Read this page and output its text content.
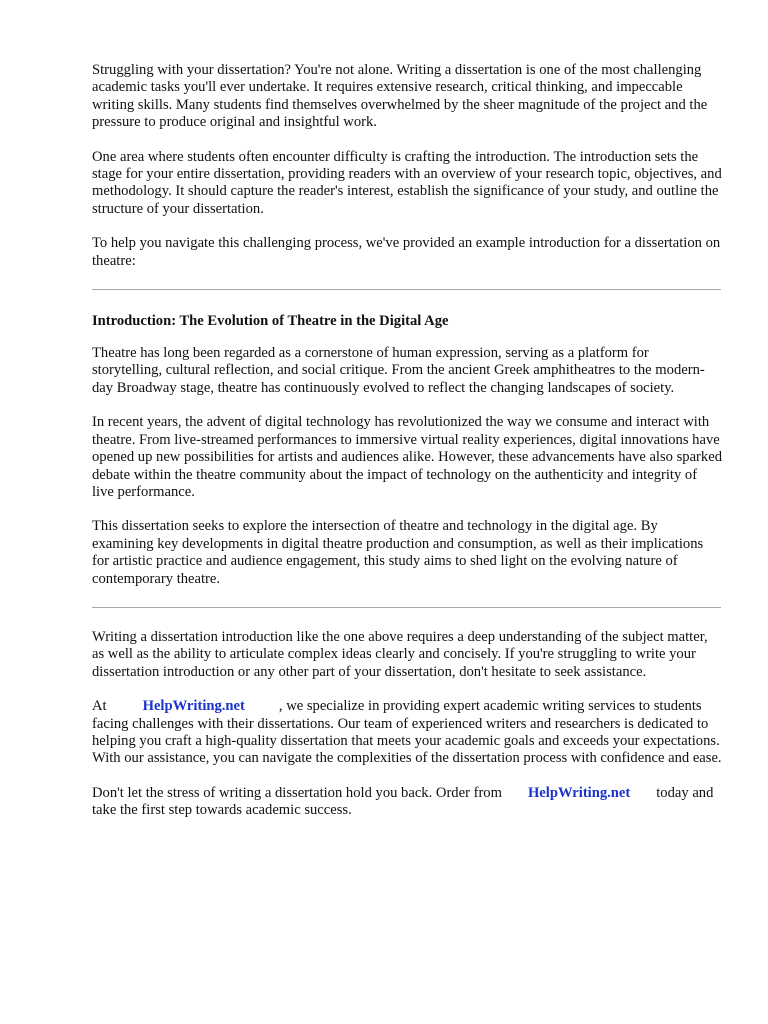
Struggling with your dissertation? You're not alone. Writing a dissertation is one of the most challenging academic tasks you'll ever undertake. It requires extensive research, critical thinking, and impeccable writing skills. Many students find themselves overwhelmed by the sheer magnitude of the project and the pressure to produce original and insightful work.

One area where students often encounter difficulty is crafting the introduction. The introduction sets the stage for your entire dissertation, providing readers with an overview of your research topic, objectives, and methodology. It should capture the reader's interest, establish the significance of your study, and outline the structure of your dissertation.

To help you navigate this challenging process, we've provided an example introduction for a dissertation on theatre:

Introduction: The Evolution of Theatre in the Digital Age

Theatre has long been regarded as a cornerstone of human expression, serving as a platform for storytelling, cultural reflection, and social critique. From the ancient Greek amphitheatres to the modern-day Broadway stage, theatre has continuously evolved to reflect the changing landscapes of society.

In recent years, the advent of digital technology has revolutionized the way we consume and interact with theatre. From live-streamed performances to immersive virtual reality experiences, digital innovations have opened up new possibilities for artists and audiences alike. However, these advancements have also sparked debate within the theatre community about the impact of technology on the authenticity and integrity of live performance.

This dissertation seeks to explore the intersection of theatre and technology in the digital age. By examining key developments in digital theatre production and consumption, as well as their implications for artistic practice and audience engagement, this study aims to shed light on the evolving nature of contemporary theatre.

Writing a dissertation introduction like the one above requires a deep understanding of the subject matter, as well as the ability to articulate complex ideas clearly and concisely. If you're struggling to write your dissertation introduction or any other part of your dissertation, don't hesitate to seek assistance.

At HelpWriting.net , we specialize in providing expert academic writing services to students facing challenges with their dissertations. Our team of experienced writers and researchers is dedicated to helping you craft a high-quality dissertation that meets your academic goals and exceeds your expectations. With our assistance, you can navigate the complexities of the dissertation process with confidence and ease.

Don't let the stress of writing a dissertation hold you back. Order from HelpWriting.net today and take the first step towards academic success.
